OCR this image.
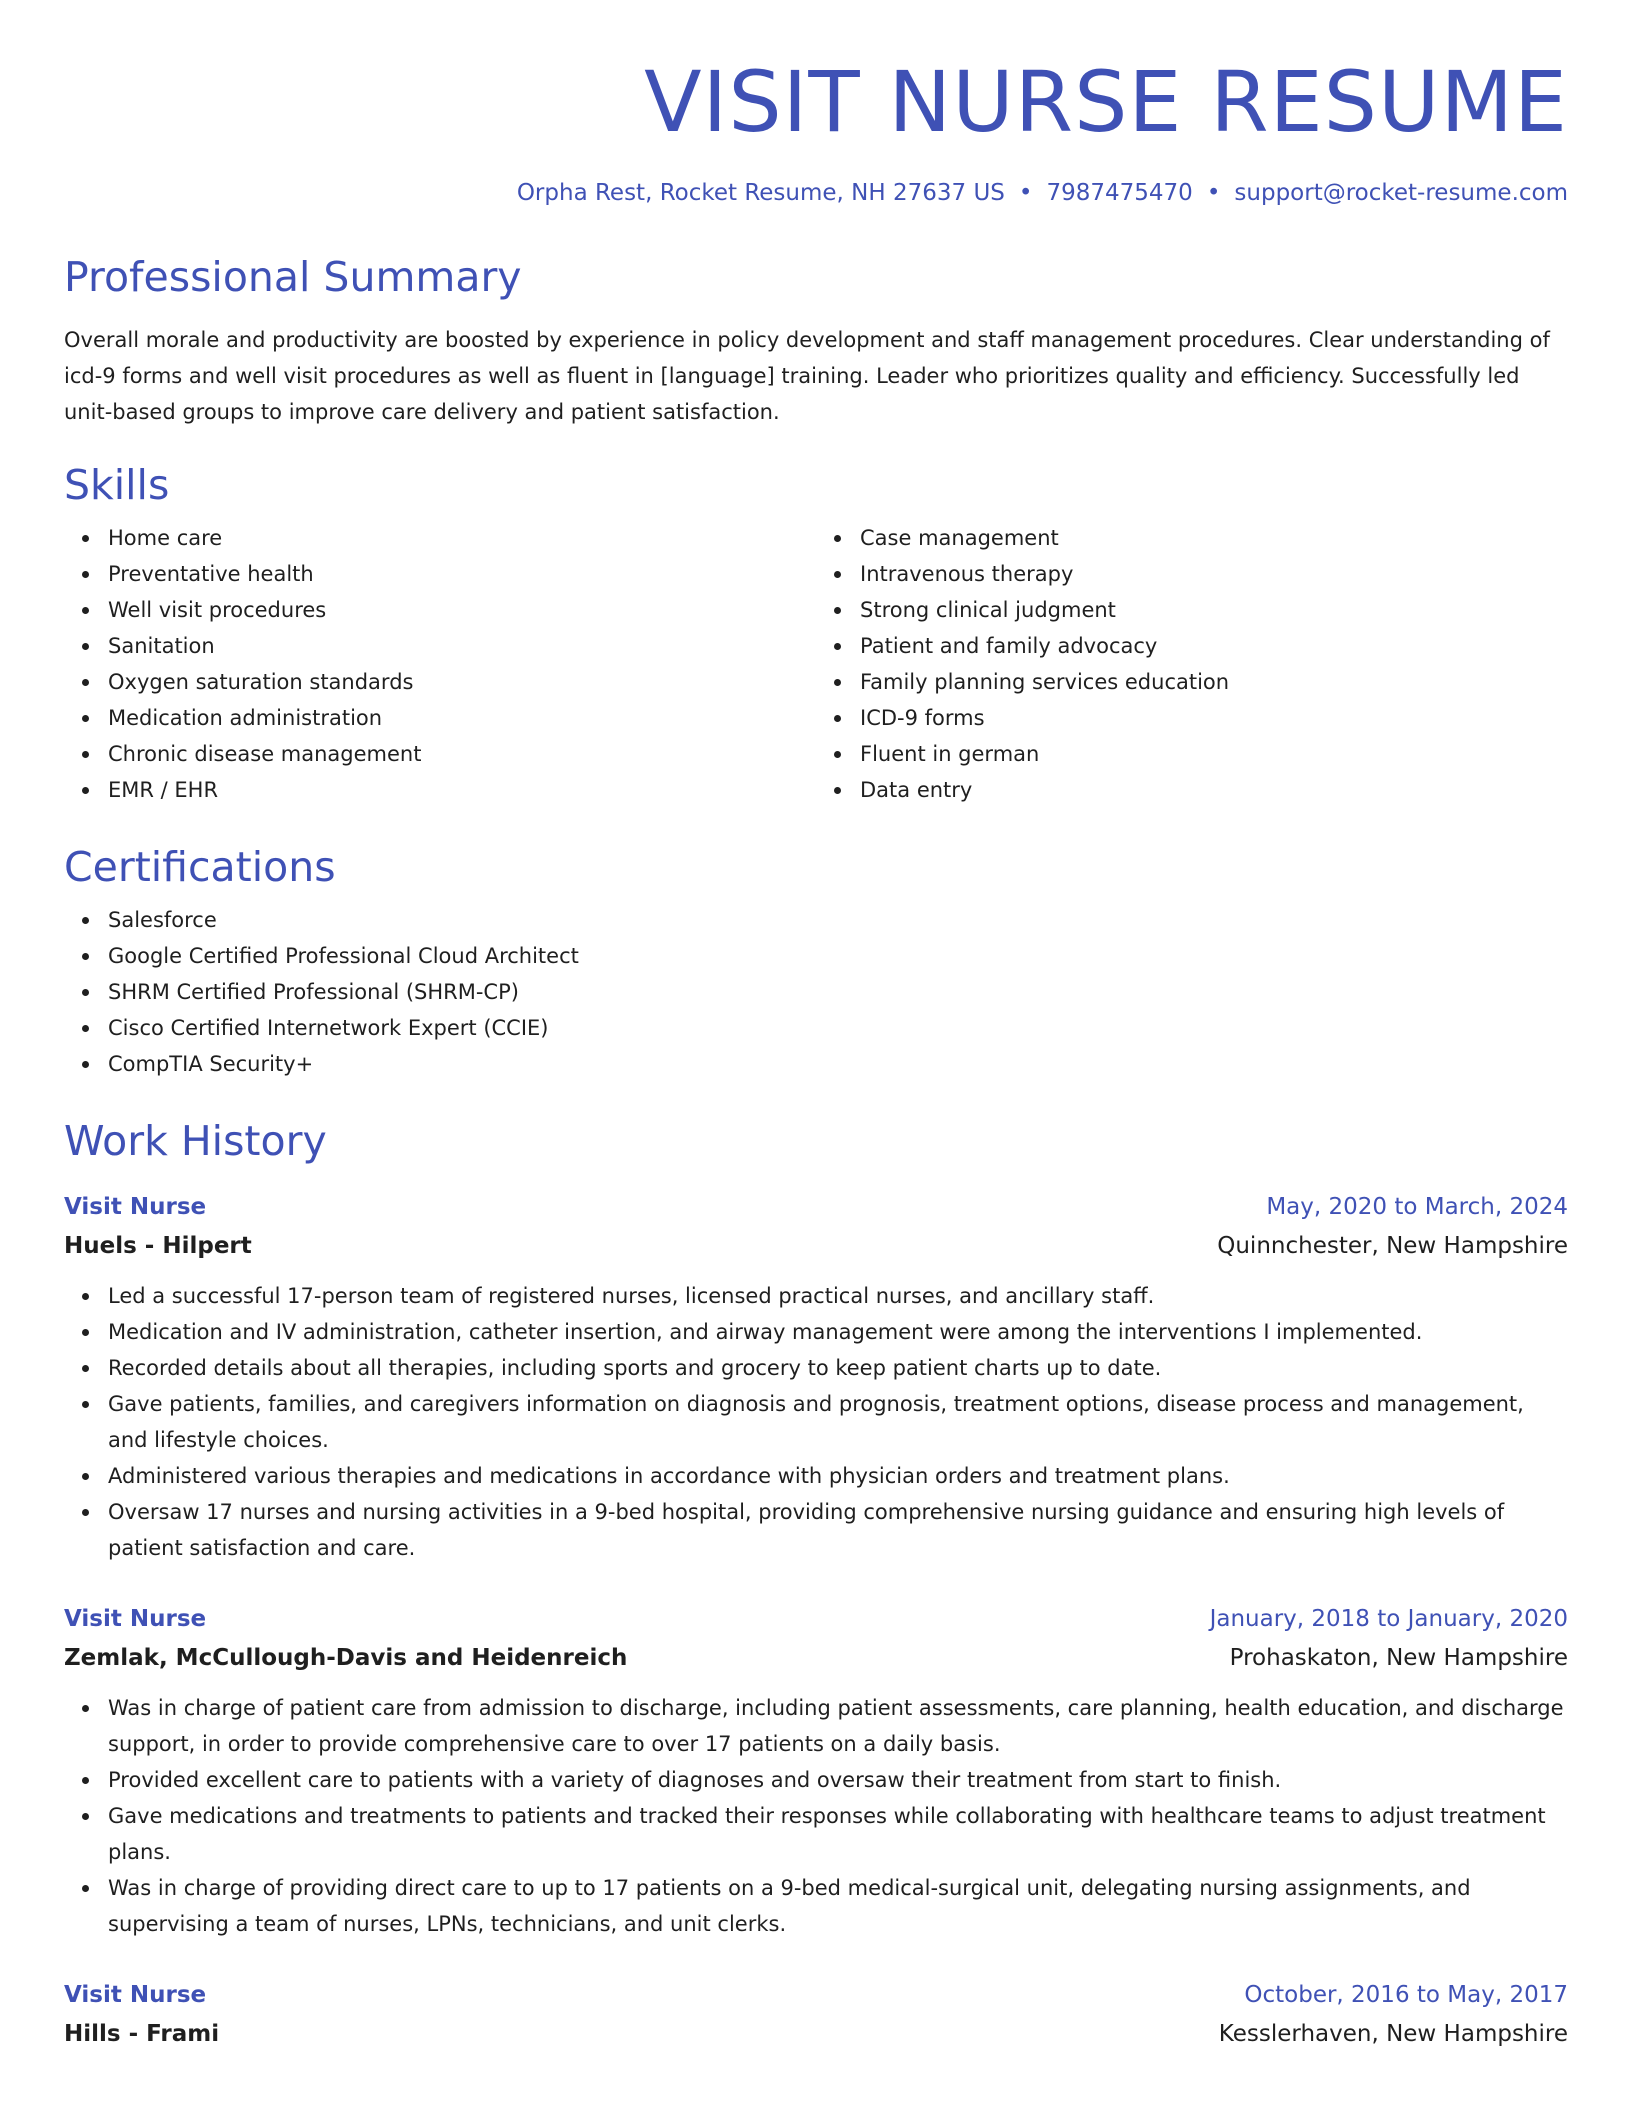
VISIT NURSE RESUME
Orpha Rest, Rocket Resume, NH 27637 US • 7987475470 • support@rocket-resume.com
Professional Summary

Overall morale and productivity are boosted by experience in policy development and staff management procedures. Clear understanding of icd-9 forms and well visit procedures as well as fluent in [language] training. Leader who prioritizes quality and efficiency. Successfully led unit-based groups to improve care delivery and patient satisfaction.

Skills
Home care
Preventative health
Well visit procedures
Sanitation
Oxygen saturation standards
Medication administration
Chronic disease management
EMR / EHR
Case management
Intravenous therapy
Strong clinical judgment
Patient and family advocacy
Family planning services education
ICD-9 forms
Fluent in german
Data entry
Certifications
Salesforce
Google Certified Professional Cloud Architect
SHRM Certified Professional (SHRM-CP)
Cisco Certified Internetwork Expert (CCIE)
CompTIA Security+
Work History
Visit Nurse	May, 2020 to March, 2024
Huels - Hilpert	Quinnchester, New Hampshire
Led a successful 17-person team of registered nurses, licensed practical nurses, and ancillary staff.
Medication and IV administration, catheter insertion, and airway management were among the interventions I implemented.
Recorded details about all therapies, including sports and grocery to keep patient charts up to date.
Gave patients, families, and caregivers information on diagnosis and prognosis, treatment options, disease process and management, and lifestyle choices.
Administered various therapies and medications in accordance with physician orders and treatment plans.
Oversaw 17 nurses and nursing activities in a 9-bed hospital, providing comprehensive nursing guidance and ensuring high levels of patient satisfaction and care.
Visit Nurse	January, 2018 to January, 2020
Zemlak, McCullough-Davis and Heidenreich	Prohaskaton, New Hampshire
Was in charge of patient care from admission to discharge, including patient assessments, care planning, health education, and discharge support, in order to provide comprehensive care to over 17 patients on a daily basis.
Provided excellent care to patients with a variety of diagnoses and oversaw their treatment from start to finish.
Gave medications and treatments to patients and tracked their responses while collaborating with healthcare teams to adjust treatment plans.
Was in charge of providing direct care to up to 17 patients on a 9-bed medical-surgical unit, delegating nursing assignments, and supervising a team of nurses, LPNs, technicians, and unit clerks.
Visit Nurse	October, 2016 to May, 2017
Hills - Frami	Kesslerhaven, New Hampshire
